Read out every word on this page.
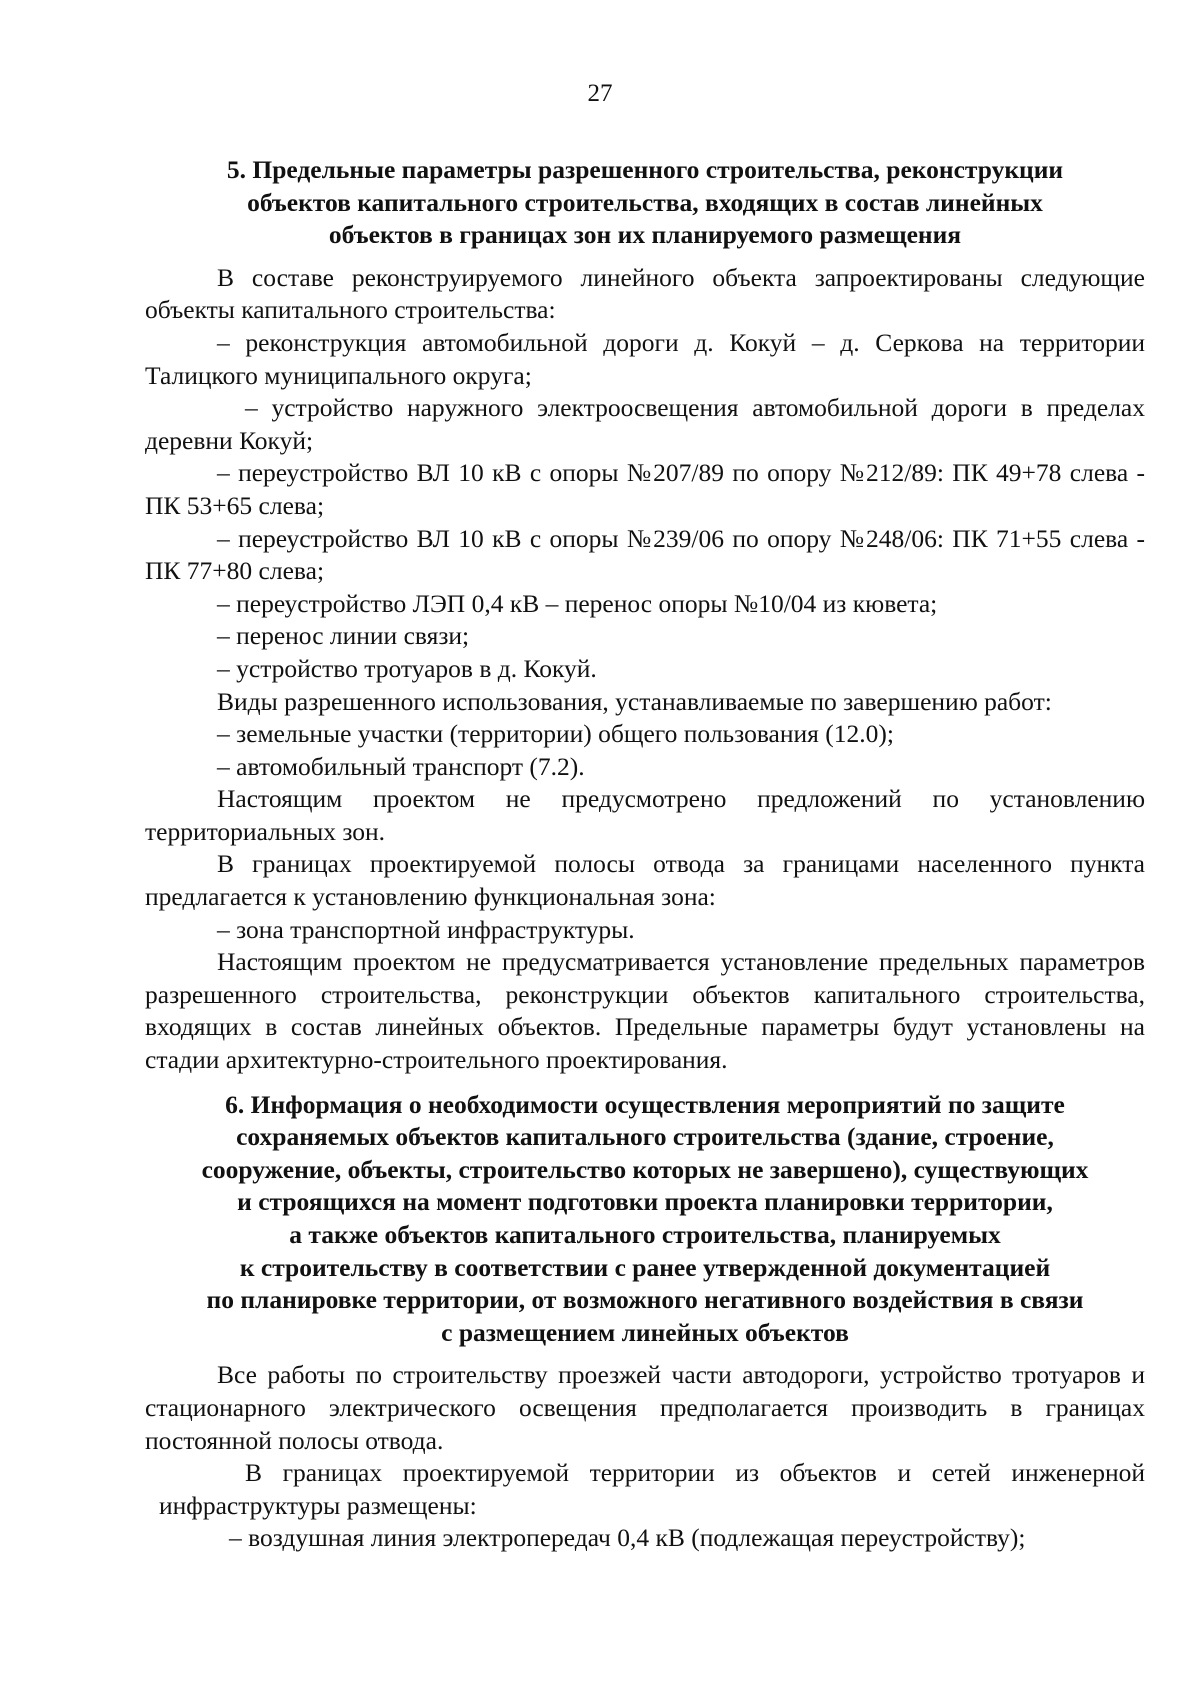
27
5. Предельные параметры разрешенного строительства, реконструкции
объектов капитального строительства, входящих в состав линейных
объектов в границах зон их планируемого размещения

В составе реконструируемого линейного объекта запроектированы следующие объекты капитального строительства:

– реконструкция автомобильной дороги д. Кокуй – д. Серкова на территории Талицкого муниципального округа;

– устройство наружного электроосвещения автомобильной дороги в пределах деревни Кокуй;

– переустройство ВЛ 10 кВ с опоры №207/89 по опору №212/89: ПК 49+78 слева - ПК 53+65 слева;

– переустройство ВЛ 10 кВ с опоры №239/06 по опору №248/06: ПК 71+55 слева - ПК 77+80 слева;

– переустройство ЛЭП 0,4 кВ – перенос опоры №10/04 из кювета;

– перенос линии связи;

– устройство тротуаров в д. Кокуй.

Виды разрешенного использования, устанавливаемые по завершению работ:

– земельные участки (территории) общего пользования (12.0);

– автомобильный транспорт (7.2).

Настоящим проектом не предусмотрено предложений по установлению территориальных зон.

В границах проектируемой полосы отвода за границами населенного пункта предлагается к установлению функциональная зона:

– зона транспортной инфраструктуры.

Настоящим проектом не предусматривается установление предельных параметров разрешенного строительства, реконструкции объектов капитального строительства, входящих в состав линейных объектов. Предельные параметры будут установлены на стадии архитектурно-строительного проектирования.

6. Информация о необходимости осуществления мероприятий по защите
сохраняемых объектов капитального строительства (здание, строение,
сооружение, объекты, строительство которых не завершено), существующих
и строящихся на момент подготовки проекта планировки территории,
а также объектов капитального строительства, планируемых
к строительству в соответствии с ранее утвержденной документацией
по планировке территории, от возможного негативного воздействия в связи
с размещением линейных объектов

Все работы по строительству проезжей части автодороги, устройство тротуаров и стационарного электрического освещения предполагается производить в границах постоянной полосы отвода.

В границах проектируемой территории из объектов и сетей инженерной инфраструктуры размещены:

– воздушная линия электропередач 0,4 кВ (подлежащая переустройству);
